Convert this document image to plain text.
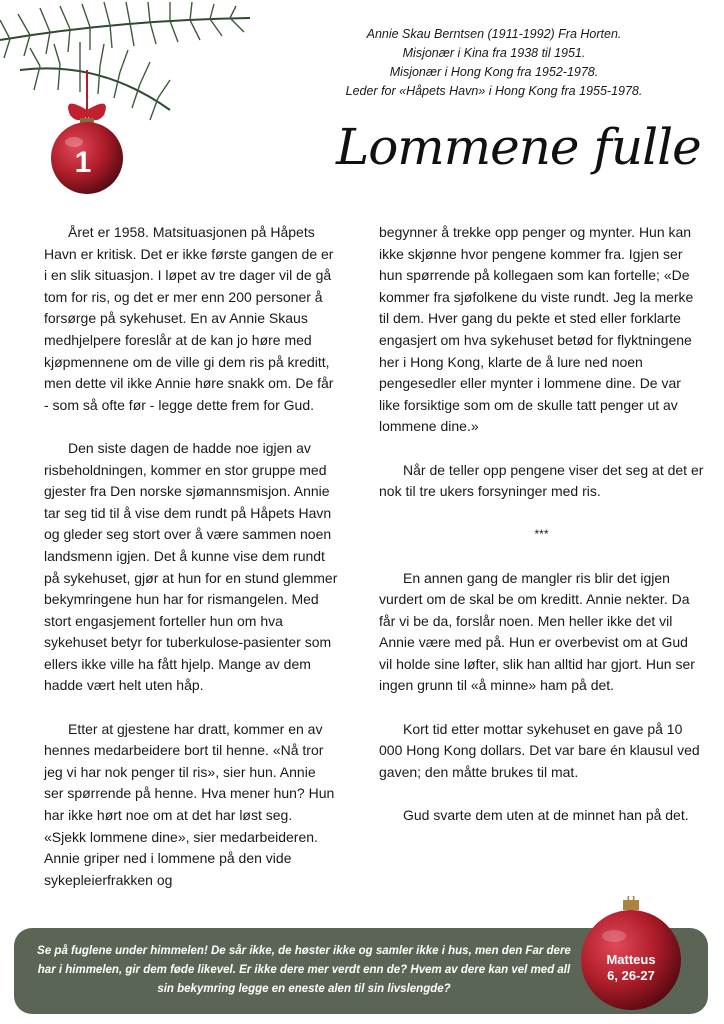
1
Annie Skau Berntsen (1911-1992) Fra Horten.
Misjonær i Kina fra 1938 til 1951.
Misjonær i Hong Kong fra 1952-1978.
Leder for «Håpets Havn» i Hong Kong fra 1955-1978.
Lommene fulle

Året er 1958. Matsituasjonen på Håpets Havn er kritisk. Det er ikke første gangen de er i en slik situasjon. I løpet av tre dager vil de gå tom for ris, og det er mer enn 200 personer å forsørge på sykehuset. En av Annie Skaus medhjelpere foreslår at de kan jo høre med kjøpmennene om de ville gi dem ris på kreditt, men dette vil ikke Annie høre snakk om. De får - som så ofte før - legge dette frem for Gud.

Den siste dagen de hadde noe igjen av risbeholdningen, kommer en stor gruppe med gjester fra Den norske sjømannsmisjon. Annie tar seg tid til å vise dem rundt på Håpets Havn og gleder seg stort over å være sammen noen landsmenn igjen. Det å kunne vise dem rundt på sykehuset, gjør at hun for en stund glemmer bekymringene hun har for rismangelen. Med stort engasjement forteller hun om hva sykehuset betyr for tuberkulose-pasienter som ellers ikke ville ha fått hjelp. Mange av dem hadde vært helt uten håp.

Etter at gjestene har dratt, kommer en av hennes medarbeidere bort til henne. «Nå tror jeg vi har nok penger til ris», sier hun. Annie ser spørrende på henne. Hva mener hun? Hun har ikke hørt noe om at det har løst seg. «Sjekk lommene dine», sier medarbeideren. Annie griper ned i lommene på den vide sykepleierfrakken og

begynner å trekke opp penger og mynter. Hun kan ikke skjønne hvor pengene kommer fra. Igjen ser hun spørrende på kollegaen som kan fortelle; «De kommer fra sjøfolkene du viste rundt. Jeg la merke til dem. Hver gang du pekte et sted eller forklarte engasjert om hva sykehuset betød for flyktningene her i Hong Kong, klarte de å lure ned noen pengesedler eller mynter i lommene dine. De var like forsiktige som om de skulle tatt penger ut av lommene dine.»

Når de teller opp pengene viser det seg at det er nok til tre ukers forsyninger med ris.

***

En annen gang de mangler ris blir det igjen vurdert om de skal be om kreditt. Annie nekter. Da får vi be da, forslår noen. Men heller ikke det vil Annie være med på. Hun er overbevist om at Gud vil holde sine løfter, slik han alltid har gjort. Hun ser ingen grunn til «å minne» ham på det.

Kort tid etter mottar sykehuset en gave på 10 000 Hong Kong dollars. Det var bare én klausul ved gaven; den måtte brukes til mat.

Gud svarte dem uten at de minnet han på det.

Se på fuglene under himmelen! De sår ikke, de høster ikke og samler ikke i hus, men den Far dere har i himmelen, gir dem føde likevel. Er ikke dere mer verdt enn de? Hvem av dere kan vel med all sin bekymring legge en eneste alen til sin livslengde?
Matteus
6, 26-27
